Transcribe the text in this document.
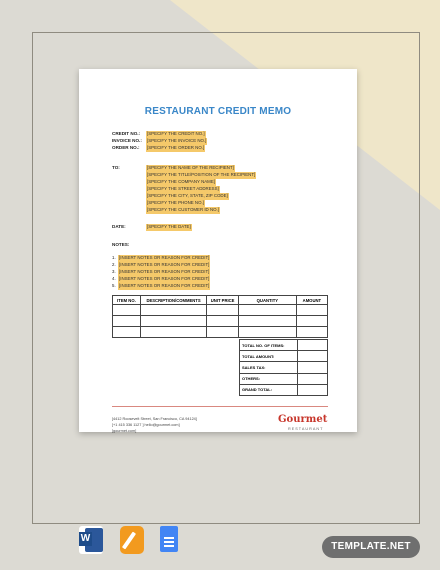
RESTAURANT CREDIT MEMO
CREDIT NO.: [SPECIFY THE CREDIT NO.]
INVOICE NO.: [SPECIFY THE INVOICE NO.]
ORDER NO.: [SPECIFY THE ORDER NO.]
TO:	[SPECIFY THE NAME OF THE RECIPIENT]
[SPECIFY THE TITLE/POSITION OF THE RECIPIENT]
[SPECIFY THE COMPANY NAME]
[SPECIFY THE STREET ADDRESS]
[SPECIFY THE CITY, STATE, ZIP CODE]
[SPECIFY THE PHONE NO.]
[SPECIFY THE CUSTOMER ID NO.]
DATE:	[SPECIFY THE DATE]
NOTES:
1. [INSERT NOTES OR REASON FOR CREDIT]
2. [INSERT NOTES OR REASON FOR CREDIT]
3. [INSERT NOTES OR REASON FOR CREDIT]
4. [INSERT NOTES OR REASON FOR CREDIT]
5. [INSERT NOTES OR REASON FOR CREDIT]
ITEM NO.	DESCRIPTION/COMMENTS	UNIT PRICE	QUANTITY	AMOUNT

TOTAL NO. OF ITEMS:	
TOTAL AMOUNT:	
SALES TAX:	
OTHERS:	
GRAND TOTAL:	
[4412 Roosevelt Street, San Francisco, CA 94124]
[+1 415 336 1127 ] hello@gourmet.com]
[gourmet.com]
Gourmet
RESTAURANT
W
TEMPLATE.NET
